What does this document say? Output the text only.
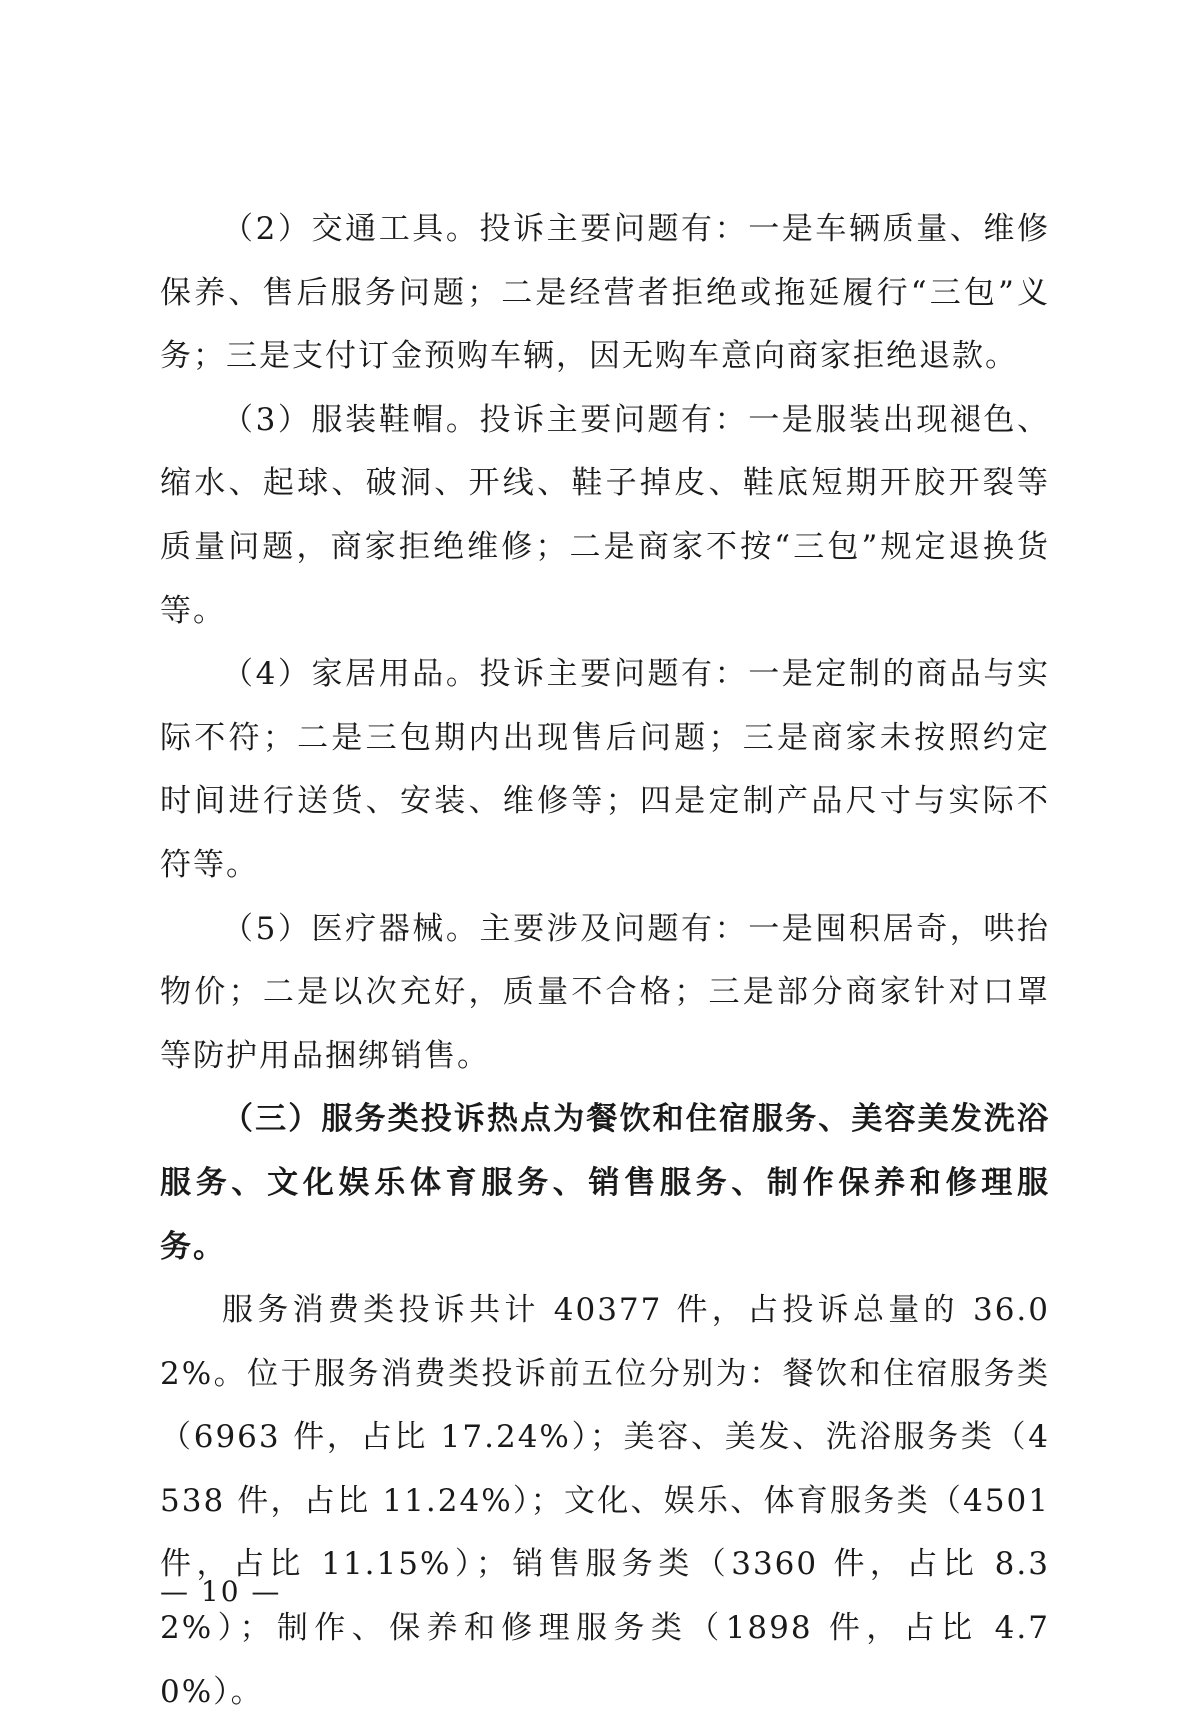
（2）交通工具。投诉主要问题有：一是车辆质量、维修保养、售后服务问题；二是经营者拒绝或拖延履行“三包”义务；三是支付订金预购车辆，因无购车意向商家拒绝退款。

（3）服装鞋帽。投诉主要问题有：一是服装出现褪色、缩水、起球、破洞、开线、鞋子掉皮、鞋底短期开胶开裂等质量问题，商家拒绝维修；二是商家不按“三包”规定退换货等。

（4）家居用品。投诉主要问题有：一是定制的商品与实际不符；二是三包期内出现售后问题；三是商家未按照约定时间进行送货、安装、维修等；四是定制产品尺寸与实际不符等。

（5）医疗器械。主要涉及问题有：一是囤积居奇，哄抬物价；二是以次充好，质量不合格；三是部分商家针对口罩等防护用品捆绑销售。

（三）服务类投诉热点为餐饮和住宿服务、美容美发洗浴服务、文化娱乐体育服务、销售服务、制作保养和修理服务。

服务消费类投诉共计 40377 件，占投诉总量的 36.02%。位于服务消费类投诉前五位分别为：餐饮和住宿服务类（6963 件，占比 17.24%）；美容、美发、洗浴服务类（4538 件，占比 11.24%）；文化、娱乐、体育服务类（4501 件，占比 11.15%）；销售服务类（3360 件，占比 8.32%）；制作、保养和修理服务类（1898 件，占比 4.70%）。

— 10 —
